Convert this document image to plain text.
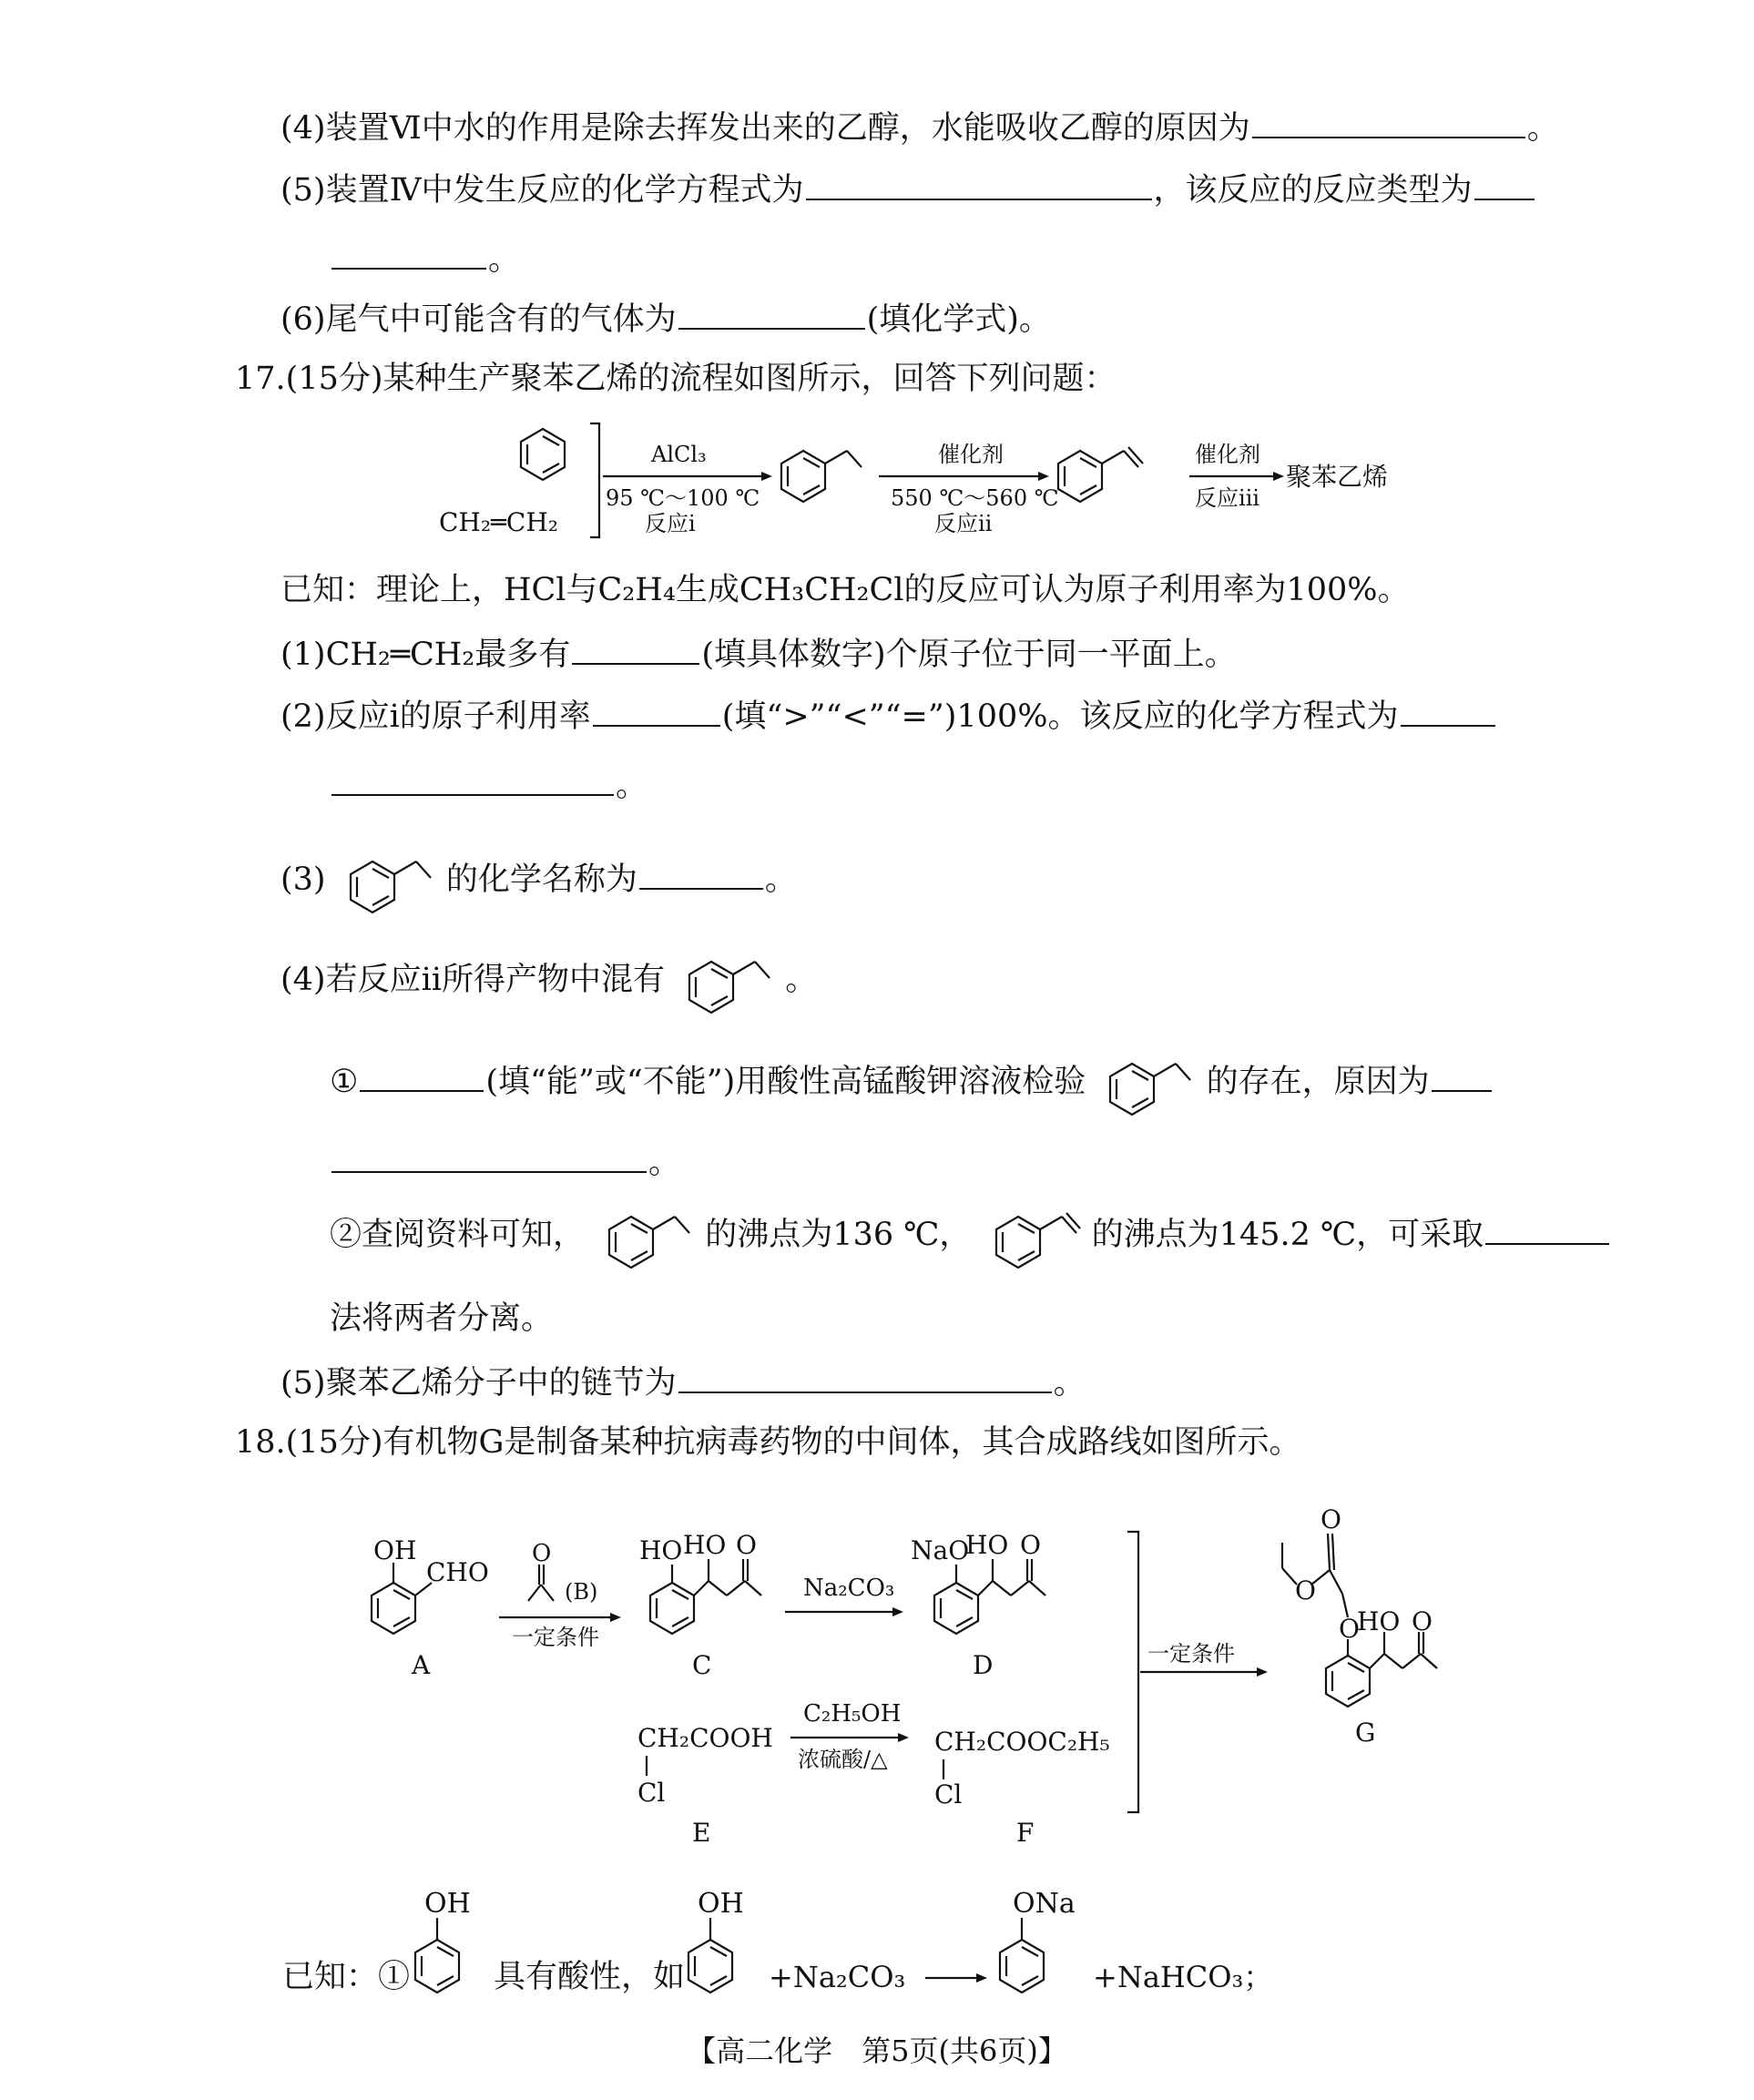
(4)装置Ⅵ中水的作用是除去挥发出来的乙醇，水能吸收乙醇的原因为	。
(5)装置Ⅳ中发生反应的化学方程式为	，该反应的反应类型为
。
(6)尾气中可能含有的气体为	(填化学式)。
17.(15分)某种生产聚苯乙烯的流程如图所示，回答下列问题：
CH₂═CH₂
AlCl₃
95 ℃～100 ℃
反应ⅰ
催化剂
550 ℃～560 ℃
反应ⅱ
催化剂
反应ⅲ
聚苯乙烯
已知：理论上，HCl与C₂H₄生成CH₃CH₂Cl的反应可认为原子利用率为100%。
(1)CH₂═CH₂最多有	(填具体数字)个原子位于同一平面上。
(2)反应ⅰ的原子利用率	(填“>”“<”“=”)100%。该反应的化学方程式为
。
(3)	的化学名称为	。
(4)若反应ⅱ所得产物中混有	。
①	(填“能”或“不能”)用酸性高锰酸钾溶液检验	的存在，原因为
。
②查阅资料可知，	的沸点为136 ℃，	的沸点为145.2 ℃，可采取
法将两者分离。
(5)聚苯乙烯分子中的链节为	。
18.(15分)有机物G是制备某种抗病毒药物的中间体，其合成路线如图所示。
OH
CHO
A
O
(B)
一定条件
HO HO O
C
Na₂CO₃
NaO
HO O
D	一定条件
O
O
O
HO O
G
CH₂COOH
Cl
E
C₂H₅OH
浓硫酸/△
CH₂COOC₂H₅
Cl
F
已知：①
OH
具有酸性，如
OH
+Na₂CO₃
ONa
+NaHCO₃；
【高二化学　第5页(共6页)】
